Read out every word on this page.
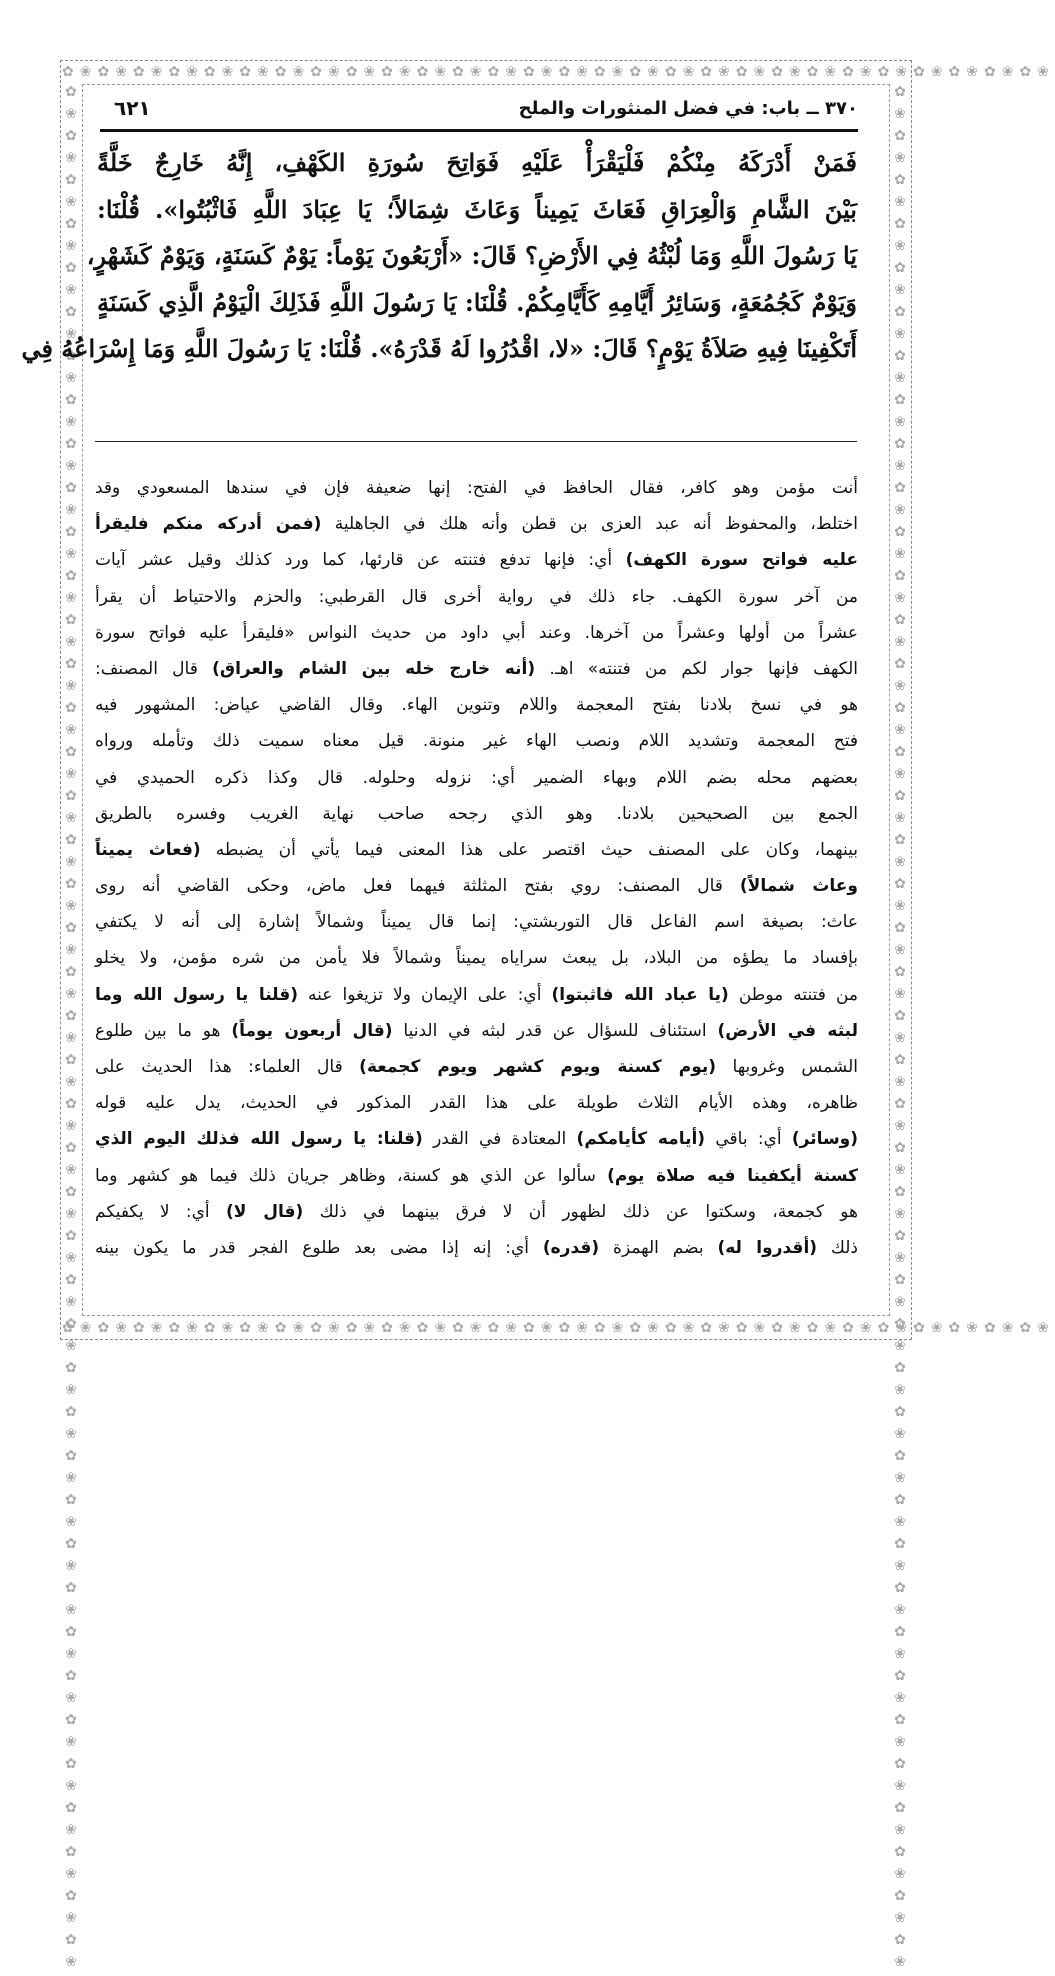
✿❀✿❀✿❀✿❀✿❀✿❀✿❀✿❀✿❀✿❀✿❀✿❀✿❀✿❀✿❀✿❀✿❀✿❀✿❀✿❀✿❀✿❀✿❀✿❀✿❀✿❀✿❀✿❀
✿❀✿❀✿❀✿❀✿❀✿❀✿❀✿❀✿❀✿❀✿❀✿❀✿❀✿❀✿❀✿❀✿❀✿❀✿❀✿❀✿❀✿❀✿❀✿❀✿❀✿❀✿❀✿❀
✿❀✿❀✿❀✿❀✿❀✿❀✿❀✿❀✿❀✿❀✿❀✿❀✿❀✿❀✿❀✿❀✿❀✿❀✿❀✿❀✿❀✿❀✿❀✿❀✿❀✿❀✿❀✿❀✿❀✿❀✿❀✿❀✿❀✿❀✿❀✿❀✿❀✿❀✿❀✿❀✿❀✿❀✿❀	✿❀✿❀✿❀✿❀✿❀✿❀✿❀✿❀✿❀✿❀✿❀✿❀✿❀✿❀✿❀✿❀✿❀✿❀✿❀✿❀✿❀✿❀✿❀✿❀✿❀✿❀✿❀✿❀✿❀✿❀✿❀✿❀✿❀✿❀✿❀✿❀✿❀✿❀✿❀✿❀✿❀✿❀✿❀
٣٧٠ ــ باب: في فضل المنثورات والملح
٦٢١
فَمَنْ أَدْرَكَهُ مِنْكُمْ فَلْيَقْرَأْ عَلَيْهِ فَوَاتِحَ سُورَةِ الكَهْفِ، إِنَّهُ خَارِجٌ خَلَّةً
بَيْنَ الشَّامِ وَالْعِرَاقِ فَعَاثَ يَمِيناً وَعَاثَ شِمَالاً؛ يَا عِبَادَ اللَّهِ فَاثْبُتُوا». قُلْنَا:
يَا رَسُولَ اللَّهِ وَمَا لُبْثُهُ فِي الأَرْضِ؟ قَالَ: «أَرْبَعُونَ يَوْماً: يَوْمٌ كَسَنَةٍ، وَيَوْمٌ كَشَهْرٍ،
وَيَوْمٌ كَجُمُعَةٍ، وَسَائِرُ أَيَّامِهِ كَأَيَّامِكُمْ. قُلْنَا: يَا رَسُولَ اللَّهِ فَذَلِكَ الْيَوْمُ الَّذِي كَسَنَةٍ
أَتَكْفِينَا فِيهِ صَلاَةُ يَوْمٍ؟ قَالَ: «لا، اقْدُرُوا لَهُ قَدْرَهُ». قُلْنَا: يَا رَسُولَ اللَّهِ وَمَا إِسْرَاعُهُ فِي
أنت مؤمن وهو كافر، فقال الحافظ في الفتح: إنها ضعيفة فإن في سندها المسعودي وقد
اختلط، والمحفوظ أنه عبد العزى بن قطن وأنه هلك في الجاهلية (فمن أدركه منكم فليقرأ
عليه فواتح سورة الكهف) أي: فإنها تدفع فتنته عن قارئها، كما ورد كذلك وقيل عشر آيات
من آخر سورة الكهف. جاء ذلك في رواية أخرى قال القرطبي: والحزم والاحتياط أن يقرأ
عشراً من أولها وعشراً من آخرها. وعند أبي داود من حديث النواس «فليقرأ عليه فواتح سورة
الكهف فإنها جوار لكم من فتنته» اهـ. (أنه خارج خله بين الشام والعراق) قال المصنف:
هو في نسخ بلادنا بفتح المعجمة واللام وتنوين الهاء. وقال القاضي عياض: المشهور فيه
فتح المعجمة وتشديد اللام ونصب الهاء غير منونة. قيل معناه سميت ذلك وتأمله ورواه
بعضهم محله بضم اللام وبهاء الضمير أي: نزوله وحلوله. قال وكذا ذكره الحميدي في
الجمع بين الصحيحين بلادنا. وهو الذي رجحه صاحب نهاية الغريب وفسره بالطريق
بينهما، وكان على المصنف حيث اقتصر على هذا المعنى فيما يأتي أن يضبطه (فعاث يميناً
وعاث شمالاً) قال المصنف: روي بفتح المثلثة فيهما فعل ماض، وحكى القاضي أنه روى
عاث: بصيغة اسم الفاعل قال التوربشتي: إنما قال يميناً وشمالاً إشارة إلى أنه لا يكتفي
بإفساد ما يطؤه من البلاد، بل يبعث سراياه يميناً وشمالاً فلا يأمن من شره مؤمن، ولا يخلو
من فتنته موطن (يا عباد الله فاثبتوا) أي: على الإيمان ولا تزيغوا عنه (قلنا يا رسول الله وما
لبثه في الأرض) استئناف للسؤال عن قدر لبثه في الدنيا (قال أربعون يوماً) هو ما بين طلوع
الشمس وغروبها (يوم كسنة ويوم كشهر ويوم كجمعة) قال العلماء: هذا الحديث على
ظاهره، وهذه الأيام الثلاث طويلة على هذا القدر المذكور في الحديث، يدل عليه قوله
(وسائر) أي: باقي (أيامه كأيامكم) المعتادة في القدر (قلنا: يا رسول الله فذلك اليوم الذي
كسنة أيكفينا فيه صلاة يوم) سألوا عن الذي هو كسنة، وظاهر جريان ذلك فيما هو كشهر وما
هو كجمعة، وسكتوا عن ذلك لظهور أن لا فرق بينهما في ذلك (قال لا) أي: لا يكفيكم
ذلك (أقدروا له) بضم الهمزة (قدره) أي: إنه إذا مضى بعد طلوع الفجر قدر ما يكون بينه
